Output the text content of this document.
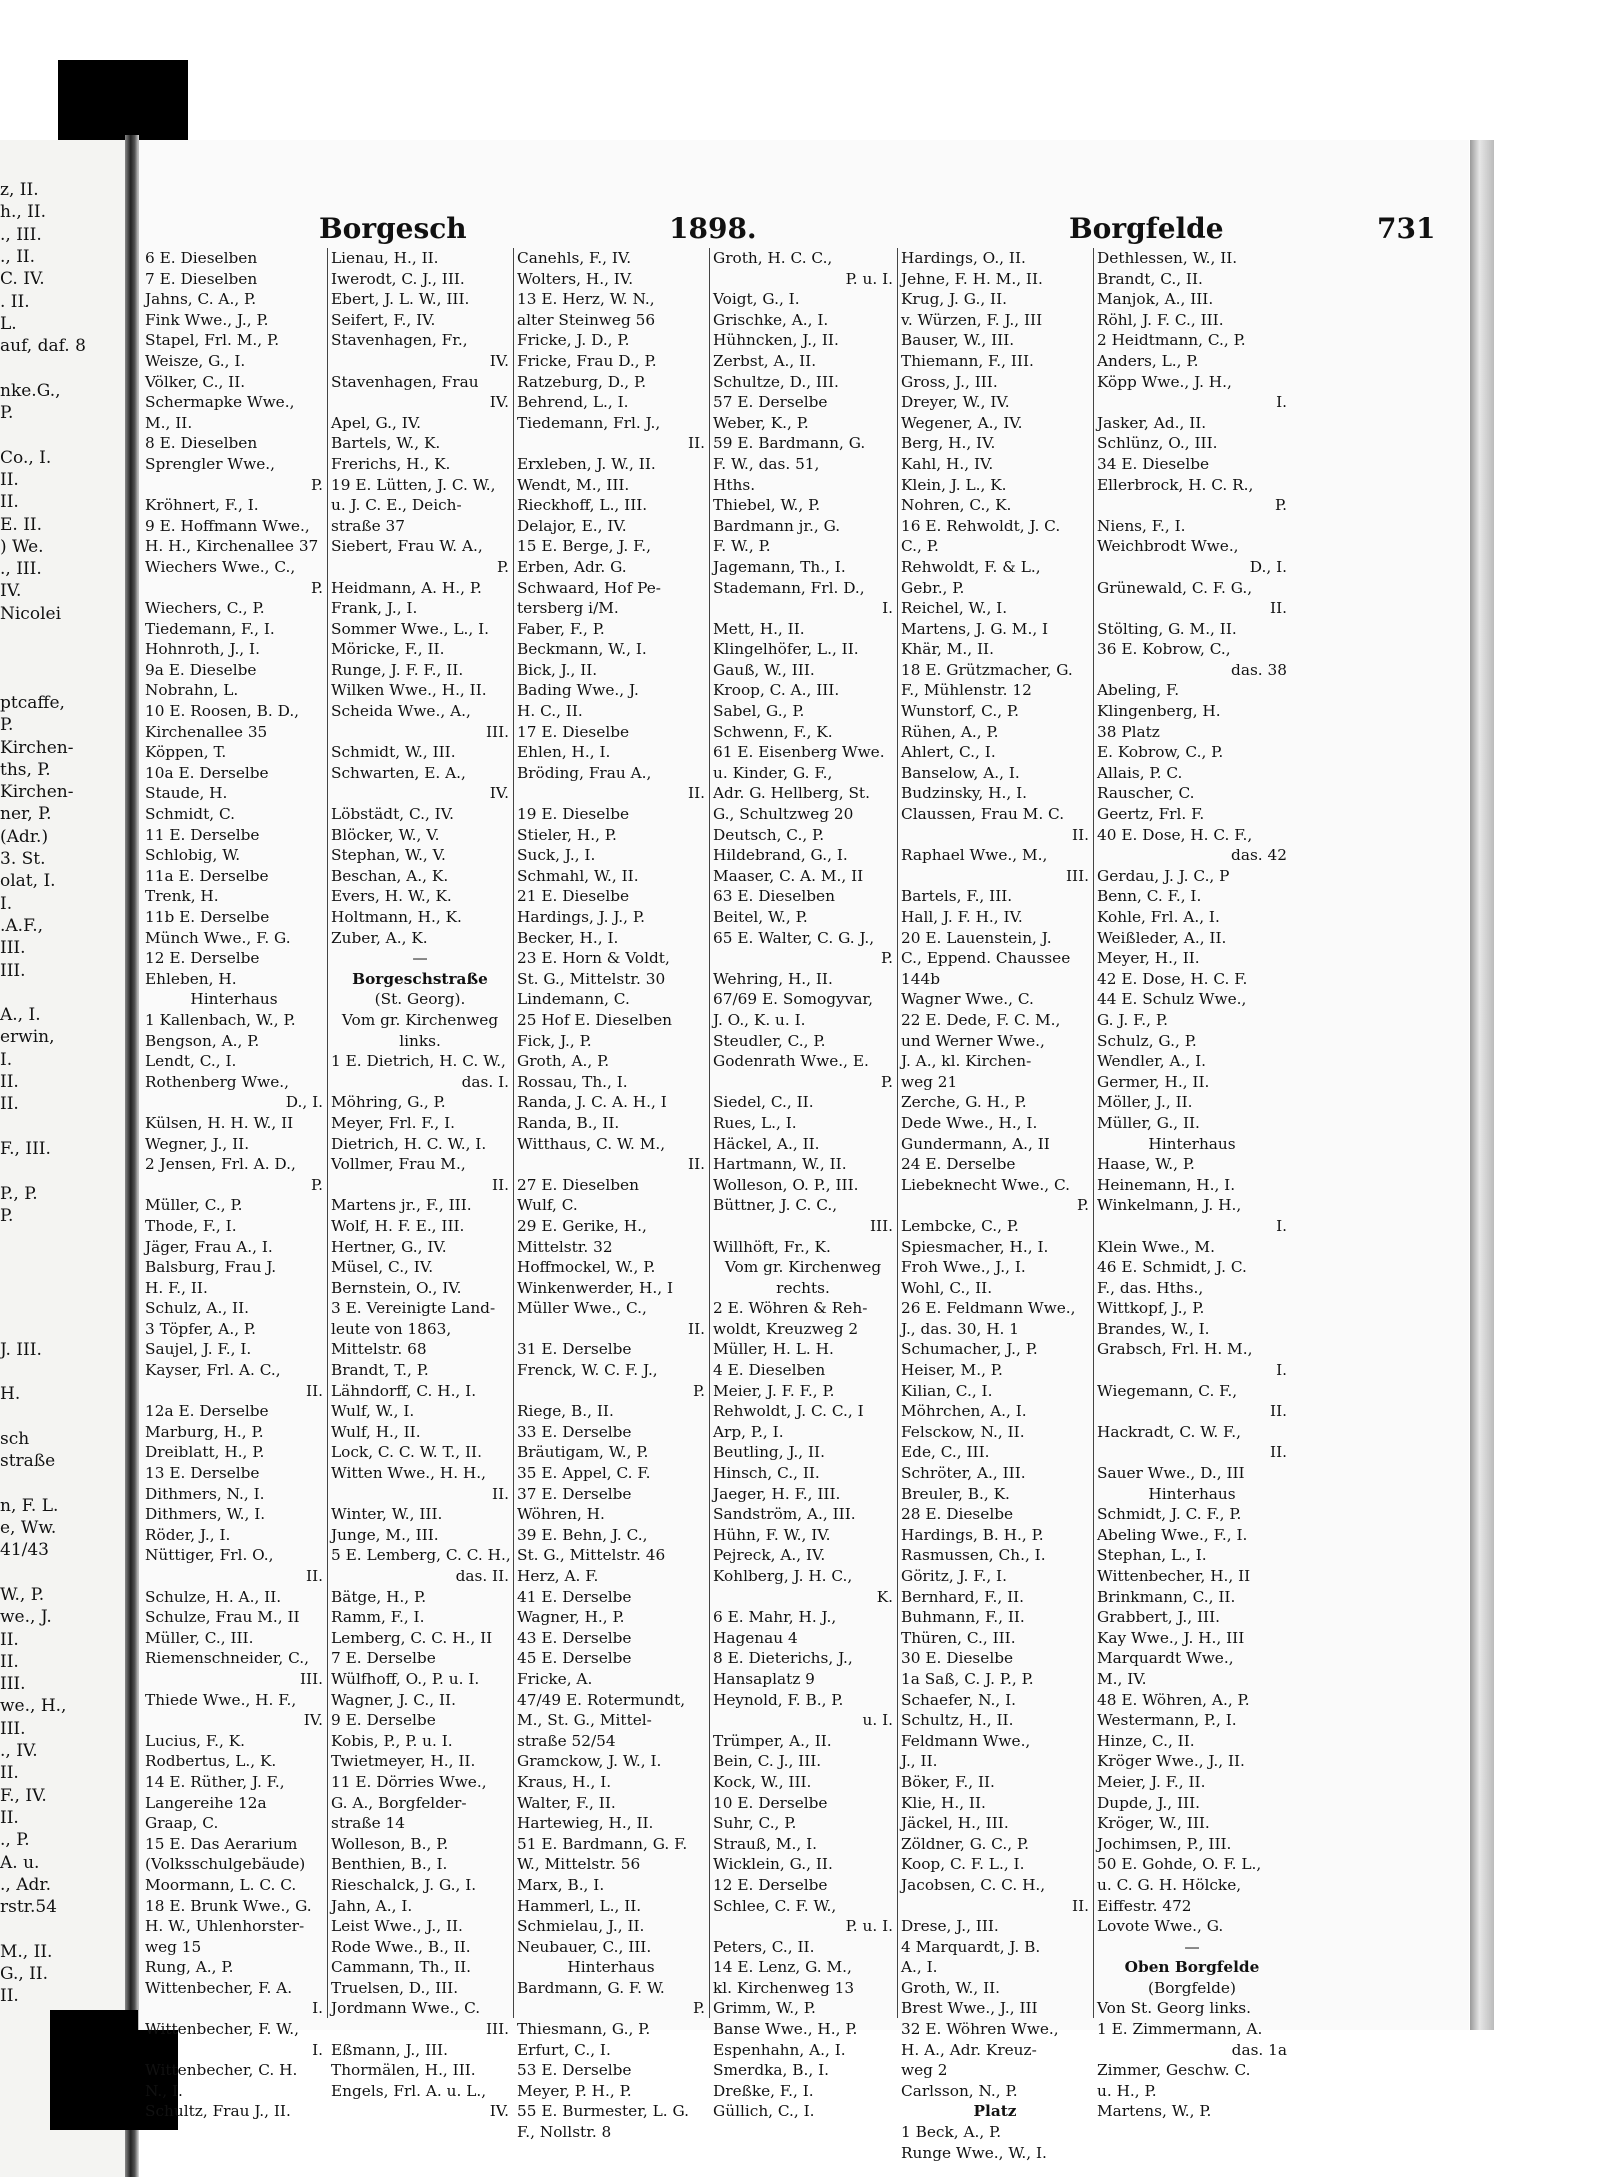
z, II.
h., II.
., III.
., II.
C. IV.
. II.
L.
auf, daf. 8
nke.G.,
P.
Co., I.
II.
II.
E. II.
) We.
., III.
IV.
Nicolei
ptcaffe,
P.
Kirchen-
ths, P.
Kirchen-
ner, P.
(Adr.)
3. St.
olat, I.
I.
.A.F.,
III.
III.
A., I.
erwin,
I.
II.
II.
F., III.
P., P.
P.
J. III.
H.
sch
straße
n, F. L.
e, Ww.
41/43
W., P.
we., J.
II.
II.
III.
we., H.,
III.
., IV.
II.
F., IV.
II.
., P.
A. u.
., Adr.
rstr.54
M., II.
G., II.
II.
Borgesch	1898.	Borgfelde	731
6 E. Dieselben
7 E. Dieselben
Jahns, C. A., P.
Fink Wwe., J., P.
Stapel, Frl. M., P.
Weisze, G., I.
Völker, C., II.
Schermapke Wwe.,
M., II.
8 E. Dieselben
Sprengler Wwe.,
P.
Kröhnert, F., I.
9 E. Hoffmann Wwe.,
H. H., Kirchenallee 37
Wiechers Wwe., C.,
P.
Wiechers, C., P.
Tiedemann, F., I.
Hohnroth, J., I.
9a E. Dieselbe
Nobrahn, L.
10 E. Roosen, B. D.,
Kirchenallee 35
Köppen, T.
10a E. Derselbe
Staude, H.
Schmidt, C.
11 E. Derselbe
Schlobig, W.
11a E. Derselbe
Trenk, H.
11b E. Derselbe
Münch Wwe., F. G.
12 E. Derselbe
Ehleben, H.
Hinterhaus
1 Kallenbach, W., P.
Bengson, A., P.
Lendt, C., I.
Rothenberg Wwe.,
D., I.
Külsen, H. H. W., II
Wegner, J., II.
2 Jensen, Frl. A. D.,
P.
Müller, C., P.
Thode, F., I.
Jäger, Frau A., I.
Balsburg, Frau J.
H. F., II.
Schulz, A., II.
3 Töpfer, A., P.
Saujel, J. F., I.
Kayser, Frl. A. C.,
II.
12a E. Derselbe
Marburg, H., P.
Dreiblatt, H., P.
13 E. Derselbe
Dithmers, N., I.
Dithmers, W., I.
Röder, J., I.
Nüttiger, Frl. O.,
II.
Schulze, H. A., II.
Schulze, Frau M., II
Müller, C., III.
Riemenschneider, C.,
III.
Thiede Wwe., H. F.,
IV.
Lucius, F., K.
Rodbertus, L., K.
14 E. Rüther, J. F.,
Langereihe 12a
Graap, C.
15 E. Das Aerarium
(Volksschulgebäude)
Moormann, L. C. C.
18 E. Brunk Wwe., G.
H. W., Uhlenhorster-
weg 15
Rung, A., P.
Wittenbecher, F. A.
I.
Wittenbecher, F. W.,
I.
Wittenbecher, C. H.
N., I.
Schultz, Frau J., II.
Lienau, H., II.
Iwerodt, C. J., III.
Ebert, J. L. W., III.
Seifert, F., IV.
Stavenhagen, Fr.,
IV.
Stavenhagen, Frau
IV.
Apel, G., IV.
Bartels, W., K.
Frerichs, H., K.
19 E. Lütten, J. C. W.,
u. J. C. E., Deich-
straße 37
Siebert, Frau W. A.,
P.
Heidmann, A. H., P.
Frank, J., I.
Sommer Wwe., L., I.
Möricke, F., II.
Runge, J. F. F., II.
Wilken Wwe., H., II.
Scheida Wwe., A.,
III.
Schmidt, W., III.
Schwarten, E. A.,
IV.
Löbstädt, C., IV.
Blöcker, W., V.
Stephan, W., V.
Beschan, A., K.
Evers, H. W., K.
Holtmann, H., K.
Zuber, A., K.
—
Borgeschstraße
(St. Georg).
Vom gr. Kirchenweg
links.
1 E. Dietrich, H. C. W.,
das. I.
Möhring, G., P.
Meyer, Frl. F., I.
Dietrich, H. C. W., I.
Vollmer, Frau M.,
II.
Martens jr., F., III.
Wolf, H. F. E., III.
Hertner, G., IV.
Müsel, C., IV.
Bernstein, O., IV.
3 E. Vereinigte Land-
leute von 1863,
Mittelstr. 68
Brandt, T., P.
Lähndorff, C. H., I.
Wulf, W., I.
Wulf, H., II.
Lock, C. C. W. T., II.
Witten Wwe., H. H.,
II.
Winter, W., III.
Junge, M., III.
5 E. Lemberg, C. C. H.,
das. II.
Bätge, H., P.
Ramm, F., I.
Lemberg, C. C. H., II
7 E. Derselbe
Wülfhoff, O., P. u. I.
Wagner, J. C., II.
9 E. Derselbe
Kobis, P., P. u. I.
Twietmeyer, H., II.
11 E. Dörries Wwe.,
G. A., Borgfelder-
straße 14
Wolleson, B., P.
Benthien, B., I.
Rieschalck, J. G., I.
Jahn, A., I.
Leist Wwe., J., II.
Rode Wwe., B., II.
Cammann, Th., II.
Truelsen, D., III.
Jordmann Wwe., C.
III.
Eßmann, J., III.
Thormälen, H., III.
Engels, Frl. A. u. L.,
IV.
Canehls, F., IV.
Wolters, H., IV.
13 E. Herz, W. N.,
alter Steinweg 56
Fricke, J. D., P.
Fricke, Frau D., P.
Ratzeburg, D., P.
Behrend, L., I.
Tiedemann, Frl. J.,
II.
Erxleben, J. W., II.
Wendt, M., III.
Rieckhoff, L., III.
Delajor, E., IV.
15 E. Berge, J. F.,
Erben, Adr. G.
Schwaard, Hof Pe-
tersberg i/M.
Faber, F., P.
Beckmann, W., I.
Bick, J., II.
Bading Wwe., J.
H. C., II.
17 E. Dieselbe
Ehlen, H., I.
Bröding, Frau A.,
II.
19 E. Dieselbe
Stieler, H., P.
Suck, J., I.
Schmahl, W., II.
21 E. Dieselbe
Hardings, J. J., P.
Becker, H., I.
23 E. Horn & Voldt,
St. G., Mittelstr. 30
Lindemann, C.
25 Hof E. Dieselben
Fick, J., P.
Groth, A., P.
Rossau, Th., I.
Randa, J. C. A. H., I
Randa, B., II.
Witthaus, C. W. M.,
II.
27 E. Dieselben
Wulf, C.
29 E. Gerike, H.,
Mittelstr. 32
Hoffmockel, W., P.
Winkenwerder, H., I
Müller Wwe., C.,
II.
31 E. Derselbe
Frenck, W. C. F. J.,
P.
Riege, B., II.
33 E. Derselbe
Bräutigam, W., P.
35 E. Appel, C. F.
37 E. Derselbe
Wöhren, H.
39 E. Behn, J. C.,
St. G., Mittelstr. 46
Herz, A. F.
41 E. Derselbe
Wagner, H., P.
43 E. Derselbe
45 E. Derselbe
Fricke, A.
47/49 E. Rotermundt,
M., St. G., Mittel-
straße 52/54
Gramckow, J. W., I.
Kraus, H., I.
Walter, F., II.
Hartewieg, H., II.
51 E. Bardmann, G. F.
W., Mittelstr. 56
Marx, B., I.
Hammerl, L., II.
Schmielau, J., II.
Neubauer, C., III.
Hinterhaus
Bardmann, G. F. W.
P.
Thiesmann, G., P.
Erfurt, C., I.
53 E. Derselbe
Meyer, P. H., P.
55 E. Burmester, L. G.
F., Nollstr. 8
Groth, H. C. C.,
P. u. I.
Voigt, G., I.
Grischke, A., I.
Hühncken, J., II.
Zerbst, A., II.
Schultze, D., III.
57 E. Derselbe
Weber, K., P.
59 E. Bardmann, G.
F. W., das. 51,
Hths.
Thiebel, W., P.
Bardmann jr., G.
F. W., P.
Jagemann, Th., I.
Stademann, Frl. D.,
I.
Mett, H., II.
Klingelhöfer, L., II.
Gauß, W., III.
Kroop, C. A., III.
Sabel, G., P.
Schwenn, F., K.
61 E. Eisenberg Wwe.
u. Kinder, G. F.,
Adr. G. Hellberg, St.
G., Schultzweg 20
Deutsch, C., P.
Hildebrand, G., I.
Maaser, C. A. M., II
63 E. Dieselben
Beitel, W., P.
65 E. Walter, C. G. J.,
P.
Wehring, H., II.
67/69 E. Somogyvar,
J. O., K. u. I.
Steudler, C., P.
Godenrath Wwe., E.
P.
Siedel, C., II.
Rues, L., I.
Häckel, A., II.
Hartmann, W., II.
Wolleson, O. P., III.
Büttner, J. C. C.,
III.
Willhöft, Fr., K.
Vom gr. Kirchenweg
rechts.
2 E. Wöhren & Reh-
woldt, Kreuzweg 2
Müller, H. L. H.
4 E. Dieselben
Meier, J. F. F., P.
Rehwoldt, J. C. C., I
Arp, P., I.
Beutling, J., II.
Hinsch, C., II.
Jaeger, H. F., III.
Sandström, A., III.
Hühn, F. W., IV.
Pejreck, A., IV.
Kohlberg, J. H. C.,
K.
6 E. Mahr, H. J.,
Hagenau 4
8 E. Dieterichs, J.,
Hansaplatz 9
Heynold, F. B., P.
u. I.
Trümper, A., II.
Bein, C. J., III.
Kock, W., III.
10 E. Derselbe
Suhr, C., P.
Strauß, M., I.
Wicklein, G., II.
12 E. Derselbe
Schlee, C. F. W.,
P. u. I.
Peters, C., II.
14 E. Lenz, G. M.,
kl. Kirchenweg 13
Grimm, W., P.
Banse Wwe., H., P.
Espenhahn, A., I.
Smerdka, B., I.
Dreßke, F., I.
Güllich, C., I.
Hardings, O., II.
Jehne, F. H. M., II.
Krug, J. G., II.
v. Würzen, F. J., III
Bauser, W., III.
Thiemann, F., III.
Gross, J., III.
Dreyer, W., IV.
Wegener, A., IV.
Berg, H., IV.
Kahl, H., IV.
Klein, J. L., K.
Nohren, C., K.
16 E. Rehwoldt, J. C.
C., P.
Rehwoldt, F. & L.,
Gebr., P.
Reichel, W., I.
Martens, J. G. M., I
Khär, M., II.
18 E. Grützmacher, G.
F., Mühlenstr. 12
Wunstorf, C., P.
Rühen, A., P.
Ahlert, C., I.
Banselow, A., I.
Budzinsky, H., I.
Claussen, Frau M. C.
II.
Raphael Wwe., M.,
III.
Bartels, F., III.
Hall, J. F. H., IV.
20 E. Lauenstein, J.
C., Eppend. Chaussee
144b
Wagner Wwe., C.
22 E. Dede, F. C. M.,
und Werner Wwe.,
J. A., kl. Kirchen-
weg 21
Zerche, G. H., P.
Dede Wwe., H., I.
Gundermann, A., II
24 E. Derselbe
Liebeknecht Wwe., C.
P.
Lembcke, C., P.
Spiesmacher, H., I.
Froh Wwe., J., I.
Wohl, C., II.
26 E. Feldmann Wwe.,
J., das. 30, H. 1
Schumacher, J., P.
Heiser, M., P.
Kilian, C., I.
Möhrchen, A., I.
Felsckow, N., II.
Ede, C., III.
Schröter, A., III.
Breuler, B., K.
28 E. Dieselbe
Hardings, B. H., P.
Rasmussen, Ch., I.
Göritz, J. F., I.
Bernhard, F., II.
Buhmann, F., II.
Thüren, C., III.
30 E. Dieselbe
1a Saß, C. J. P., P.
Schaefer, N., I.
Schultz, H., II.
Feldmann Wwe.,
J., II.
Böker, F., II.
Klie, H., II.
Jäckel, H., III.
Zöldner, G. C., P.
Koop, C. F. L., I.
Jacobsen, C. C. H.,
II.
Drese, J., III.
4 Marquardt, J. B.
A., I.
Groth, W., II.
Brest Wwe., J., III
32 E. Wöhren Wwe.,
H. A., Adr. Kreuz-
weg 2
Carlsson, N., P.
Platz
1 Beck, A., P.
Runge Wwe., W., I.
Dethlessen, W., II.
Brandt, C., II.
Manjok, A., III.
Röhl, J. F. C., III.
2 Heidtmann, C., P.
Anders, L., P.
Köpp Wwe., J. H.,
I.
Jasker, Ad., II.
Schlünz, O., III.
34 E. Dieselbe
Ellerbrock, H. C. R.,
P.
Niens, F., I.
Weichbrodt Wwe.,
D., I.
Grünewald, C. F. G.,
II.
Stölting, G. M., II.
36 E. Kobrow, C.,
das. 38
Abeling, F.
Klingenberg, H.
38 Platz
E. Kobrow, C., P.
Allais, P. C.
Rauscher, C.
Geertz, Frl. F.
40 E. Dose, H. C. F.,
das. 42
Gerdau, J. J. C., P
Benn, C. F., I.
Kohle, Frl. A., I.
Weißleder, A., II.
Meyer, H., II.
42 E. Dose, H. C. F.
44 E. Schulz Wwe.,
G. J. F., P.
Schulz, G., P.
Wendler, A., I.
Germer, H., II.
Möller, J., II.
Müller, G., II.
Hinterhaus
Haase, W., P.
Heinemann, H., I.
Winkelmann, J. H.,
I.
Klein Wwe., M.
46 E. Schmidt, J. C.
F., das. Hths.,
Wittkopf, J., P.
Brandes, W., I.
Grabsch, Frl. H. M.,
I.
Wiegemann, C. F.,
II.
Hackradt, C. W. F.,
II.
Sauer Wwe., D., III
Hinterhaus
Schmidt, J. C. F., P.
Abeling Wwe., F., I.
Stephan, L., I.
Wittenbecher, H., II
Brinkmann, C., II.
Grabbert, J., III.
Kay Wwe., J. H., III
Marquardt Wwe.,
M., IV.
48 E. Wöhren, A., P.
Westermann, P., I.
Hinze, C., II.
Kröger Wwe., J., II.
Meier, J. F., II.
Dupde, J., III.
Kröger, W., III.
Jochimsen, P., III.
50 E. Gohde, O. F. L.,
u. C. G. H. Hölcke,
Eiffestr. 472
Lovote Wwe., G.
—
Oben Borgfelde
(Borgfelde)
Von St. Georg links.
1 E. Zimmermann, A.
das. 1a
Zimmer, Geschw. C.
u. H., P.
Martens, W., P.
